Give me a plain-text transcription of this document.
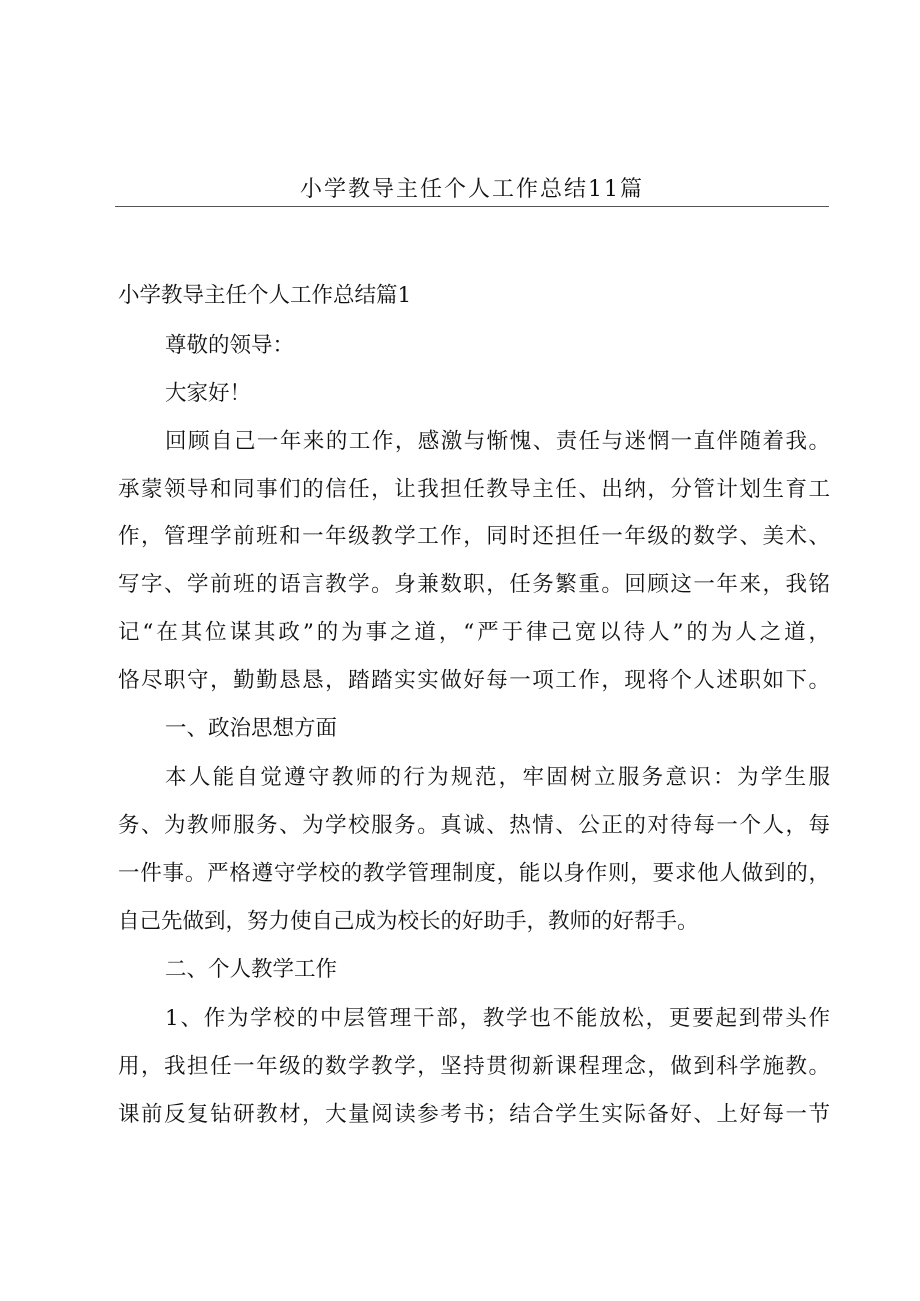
小学教导主任个人工作总结11篇
小学教导主任个人工作总结篇1
尊敬的领导：
大家好！
回顾自己一年来的工作，感激与惭愧、责任与迷惘一直伴随着我。
承蒙领导和同事们的信任，让我担任教导主任、出纳，分管计划生育工
作，管理学前班和一年级教学工作，同时还担任一年级的数学、美术、
写字、学前班的语言教学。身兼数职，任务繁重。回顾这一年来，我铭
记“在其位谋其政”的为事之道，“严于律己宽以待人”的为人之道，
恪尽职守，勤勤恳恳，踏踏实实做好每一项工作，现将个人述职如下。
一、政治思想方面
本人能自觉遵守教师的行为规范，牢固树立服务意识：为学生服
务、为教师服务、为学校服务。真诚、热情、公正的对待每一个人，每
一件事。严格遵守学校的教学管理制度，能以身作则，要求他人做到的，
自己先做到，努力使自己成为校长的好助手，教师的好帮手。
二、个人教学工作
1、作为学校的中层管理干部，教学也不能放松，更要起到带头作
用，我担任一年级的数学教学，坚持贯彻新课程理念，做到科学施教。
课前反复钻研教材，大量阅读参考书；结合学生实际备好、上好每一节
